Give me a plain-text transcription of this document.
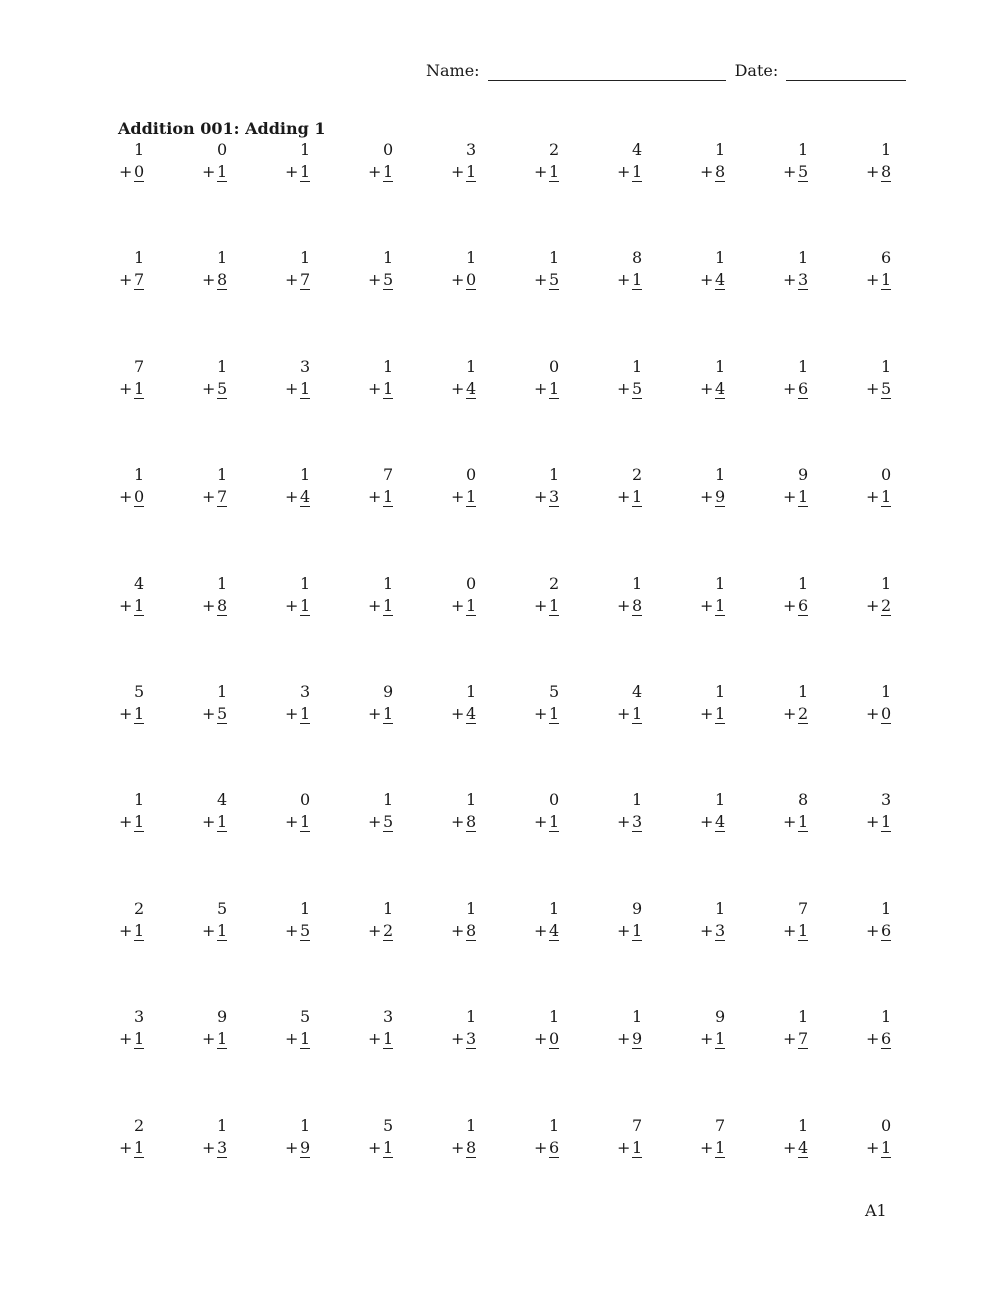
Name:	Date:
Addition 001: Adding 1
1
+0
0
+1
1
+1
0
+1
3
+1
2
+1
4
+1
1
+8
1
+5
1
+8
1
+7
1
+8
1
+7
1
+5
1
+0
1
+5
8
+1
1
+4
1
+3
6
+1
7
+1
1
+5
3
+1
1
+1
1
+4
0
+1
1
+5
1
+4
1
+6
1
+5
1
+0
1
+7
1
+4
7
+1
0
+1
1
+3
2
+1
1
+9
9
+1
0
+1
4
+1
1
+8
1
+1
1
+1
0
+1
2
+1
1
+8
1
+1
1
+6
1
+2
5
+1
1
+5
3
+1
9
+1
1
+4
5
+1
4
+1
1
+1
1
+2
1
+0
1
+1
4
+1
0
+1
1
+5
1
+8
0
+1
1
+3
1
+4
8
+1
3
+1
2
+1
5
+1
1
+5
1
+2
1
+8
1
+4
9
+1
1
+3
7
+1
1
+6
3
+1
9
+1
5
+1
3
+1
1
+3
1
+0
1
+9
9
+1
1
+7
1
+6
2
+1
1
+3
1
+9
5
+1
1
+8
1
+6
7
+1
7
+1
1
+4
0
+1
A1
